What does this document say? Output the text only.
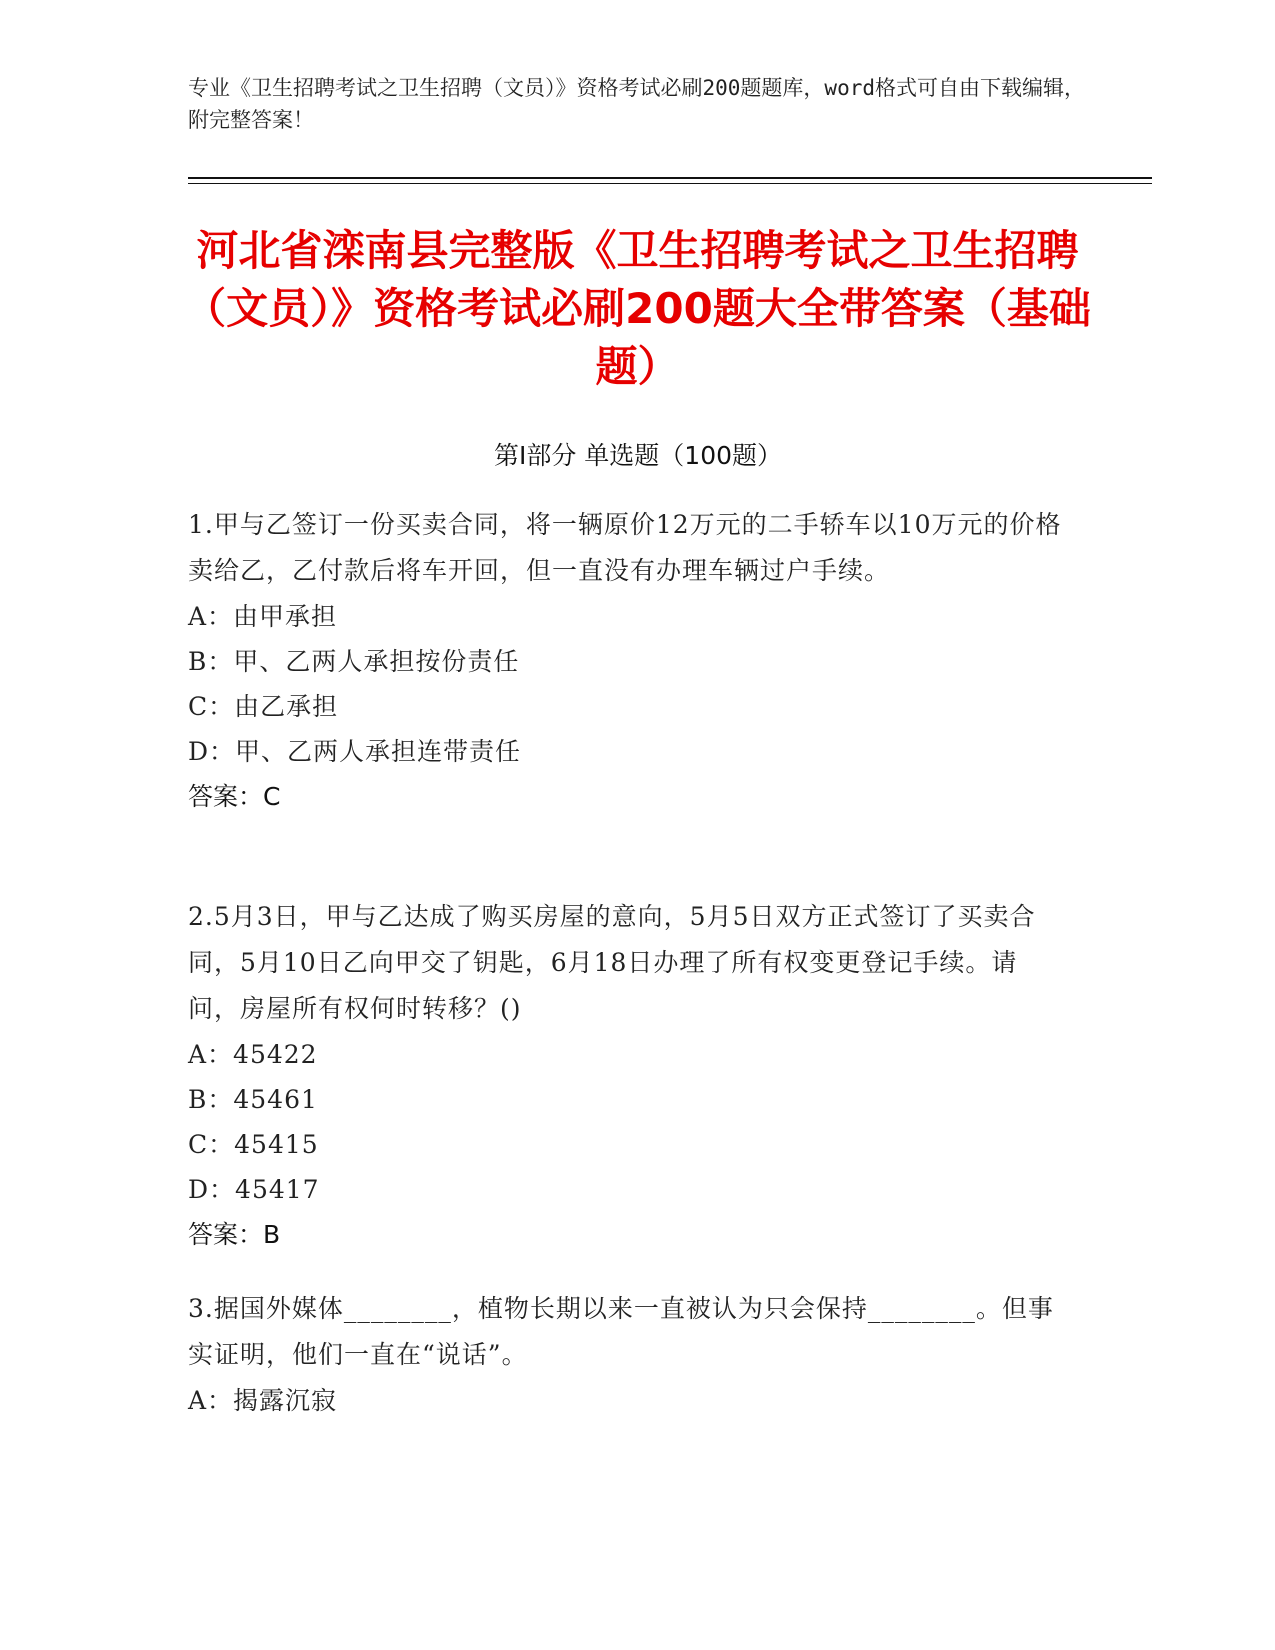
专业《卫生招聘考试之卫生招聘（文员）》资格考试必刷200题题库，word格式可自由下载编辑，附完整答案！
河北省滦南县完整版《卫生招聘考试之卫生招聘（文员）》资格考试必刷200题大全带答案（基础题）
第Ⅰ部分 单选题（100题）
1.甲与乙签订一份买卖合同，将一辆原价12万元的二手轿车以10万元的价格卖给乙，乙付款后将车开回，但一直没有办理车辆过户手续。
A：由甲承担
B：甲、乙两人承担按份责任
C：由乙承担
D：甲、乙两人承担连带责任
答案：C
2.5月3日，甲与乙达成了购买房屋的意向，5月5日双方正式签订了买卖合同，5月10日乙向甲交了钥匙，6月18日办理了所有权变更登记手续。请问，房屋所有权何时转移？()
A：45422
B：45461
C：45415
D：45417
答案：B
3.据国外媒体________，植物长期以来一直被认为只会保持________。但事实证明，他们一直在“说话”。
A：揭露沉寂
